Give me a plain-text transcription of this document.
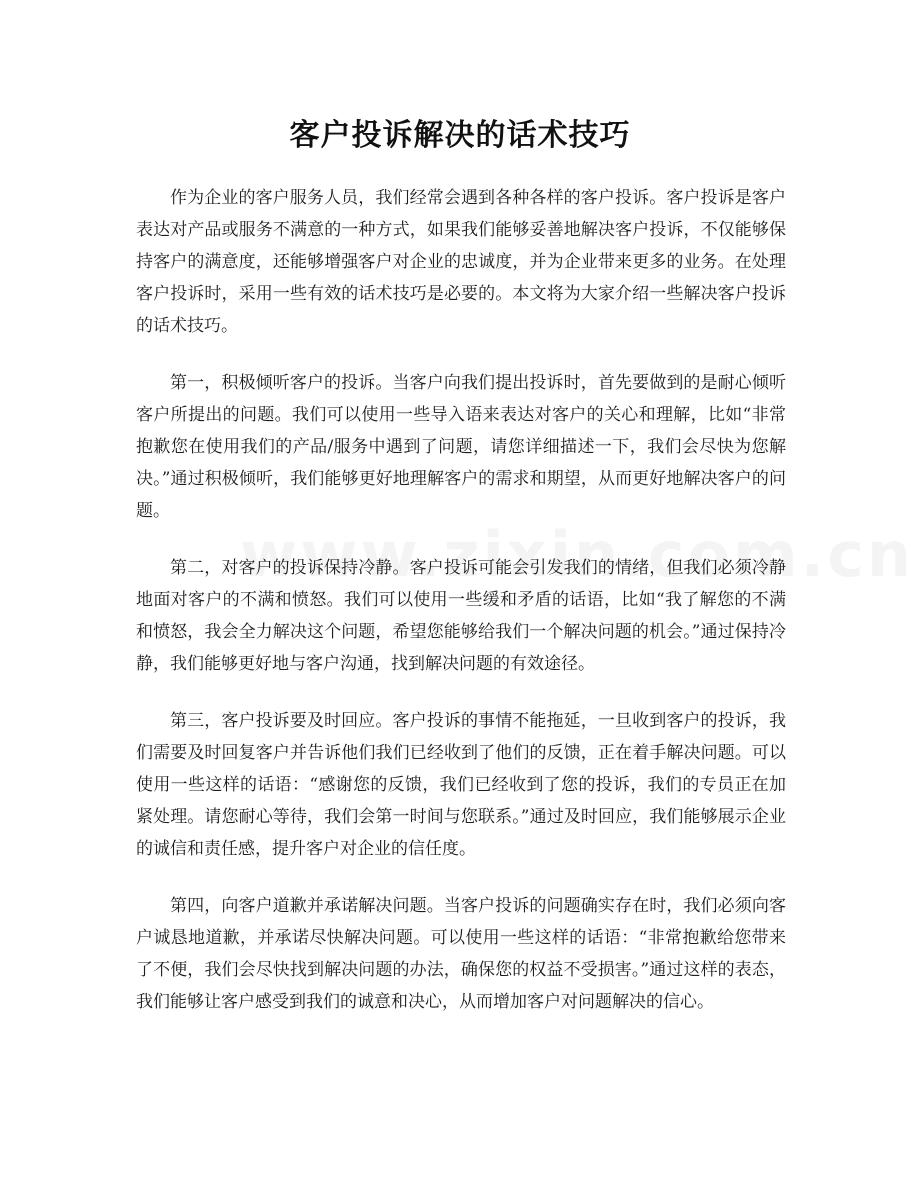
客户投诉解决的话术技巧

作为企业的客户服务人员，我们经常会遇到各种各样的客户投诉。客户投诉是客户表达对产品或服务不满意的一种方式，如果我们能够妥善地解决客户投诉，不仅能够保持客户的满意度，还能够增强客户对企业的忠诚度，并为企业带来更多的业务。在处理客户投诉时，采用一些有效的话术技巧是必要的。本文将为大家介绍一些解决客户投诉的话术技巧。

第一，积极倾听客户的投诉。当客户向我们提出投诉时，首先要做到的是耐心倾听客户所提出的问题。我们可以使用一些导入语来表达对客户的关心和理解，比如“非常抱歉您在使用我们的产品/服务中遇到了问题，请您详细描述一下，我们会尽快为您解决。”通过积极倾听，我们能够更好地理解客户的需求和期望，从而更好地解决客户的问题。

第二，对客户的投诉保持冷静。客户投诉可能会引发我们的情绪，但我们必须冷静地面对客户的不满和愤怒。我们可以使用一些缓和矛盾的话语，比如“我了解您的不满和愤怒，我会全力解决这个问题，希望您能够给我们一个解决问题的机会。”通过保持冷静，我们能够更好地与客户沟通，找到解决问题的有效途径。

第三，客户投诉要及时回应。客户投诉的事情不能拖延，一旦收到客户的投诉，我们需要及时回复客户并告诉他们我们已经收到了他们的反馈，正在着手解决问题。可以使用一些这样的话语：“感谢您的反馈，我们已经收到了您的投诉，我们的专员正在加紧处理。请您耐心等待，我们会第一时间与您联系。”通过及时回应，我们能够展示企业的诚信和责任感，提升客户对企业的信任度。

第四，向客户道歉并承诺解决问题。当客户投诉的问题确实存在时，我们必须向客户诚恳地道歉，并承诺尽快解决问题。可以使用一些这样的话语：“非常抱歉给您带来了不便，我们会尽快找到解决问题的办法，确保您的权益不受损害。”通过这样的表态，我们能够让客户感受到我们的诚意和决心，从而增加客户对问题解决的信心。
